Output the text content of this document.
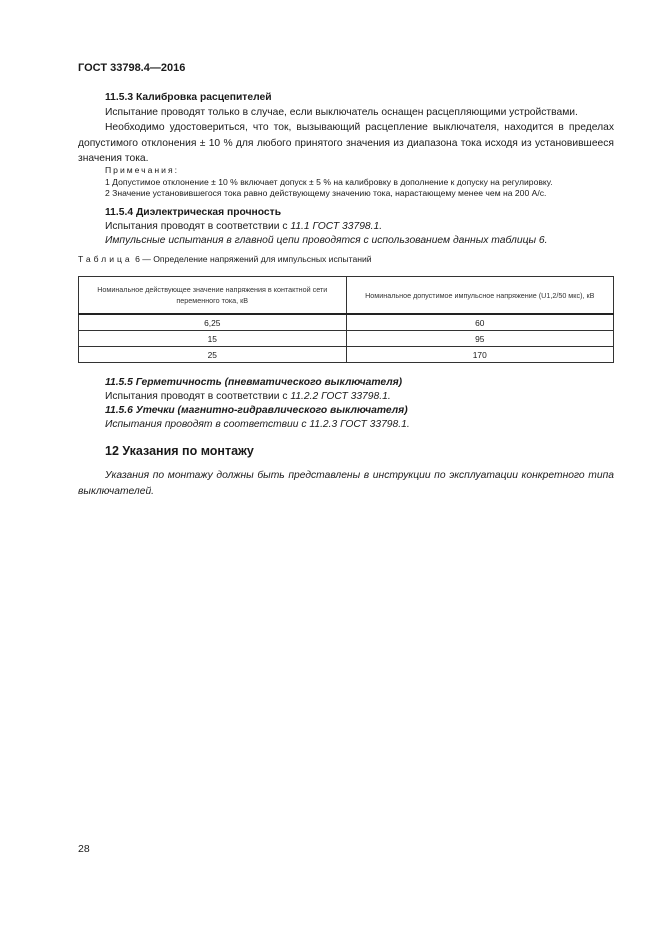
ГОСТ 33798.4—2016
11.5.3 Калибровка расцепителей
Испытание проводят только в случае, если выключатель оснащен расцепляющими устройствами.
Необходимо удостовериться, что ток, вызывающий расцепление выключателя, находится в пределах допустимого отклонения ± 10 % для любого принятого значения из диапазона тока исходя из установившееся значения тока.
Примечания:
1 Допустимое отклонение ± 10 % включает допуск ± 5 % на калибровку в дополнение к допуску на регулировку.
2 Значение установившегося тока равно действующему значению тока, нарастающему менее чем на 200 А/с.
11.5.4 Диэлектрическая прочность
Испытания проводят в соответствии с 11.1 ГОСТ 33798.1.
Импульсные испытания в главной цепи проводятся с использованием данных таблицы 6.
Таблица 6 — Определение напряжений для импульсных испытаний
Номинальное действующее значение напряжения в контактной сети переменного тока, кВ	Номинальное допустимое импульсное напряжение (U1,2/50 мкс), кВ
6,25	60
15	95
25	170
11.5.5 Герметичность (пневматического выключателя)
Испытания проводят в соответствии с 11.2.2 ГОСТ 33798.1.
11.5.6 Утечки (магнитно-гидравлического выключателя)
Испытания проводят в соответствии с 11.2.3 ГОСТ 33798.1.
12 Указания по монтажу
Указания по монтажу должны быть представлены в инструкции по эксплуатации конкретного типа выключателей.
28
